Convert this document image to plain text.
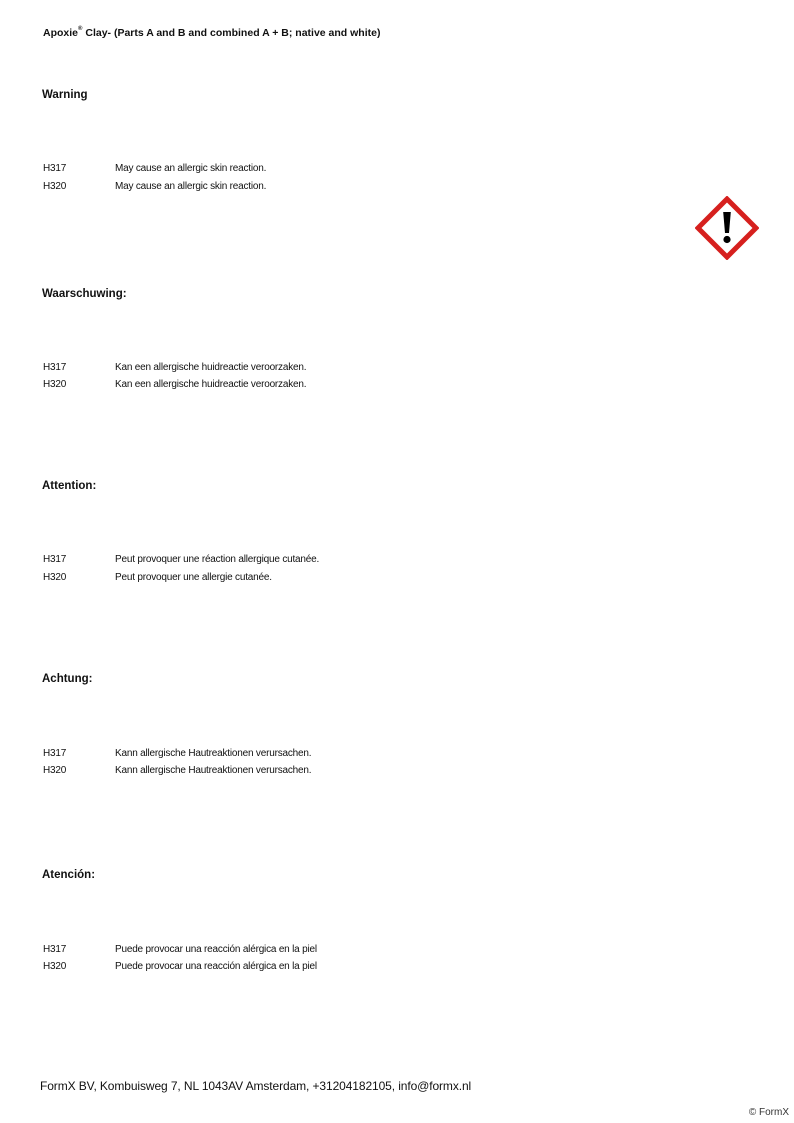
Apoxie® Clay- (Parts A and B and combined A + B; native and white)
Warning
H317	May cause an allergic skin reaction.
H320	May cause an allergic skin reaction.
Waarschuwing:
H317	Kan een allergische huidreactie veroorzaken.
H320	Kan een allergische huidreactie veroorzaken.
Attention:
H317	Peut provoquer une réaction allergique cutanée.
H320	Peut provoquer une allergie cutanée.
Achtung:
H317	Kann allergische Hautreaktionen verursachen.
H320	Kann allergische Hautreaktionen verursachen.
Atención:
H317	Puede provocar una reacción alérgica en la piel
H320	Puede provocar una reacción alérgica en la piel
FormX BV, Kombuisweg 7, NL 1043AV Amsterdam, +31204182105, info@formx.nl
© FormX
